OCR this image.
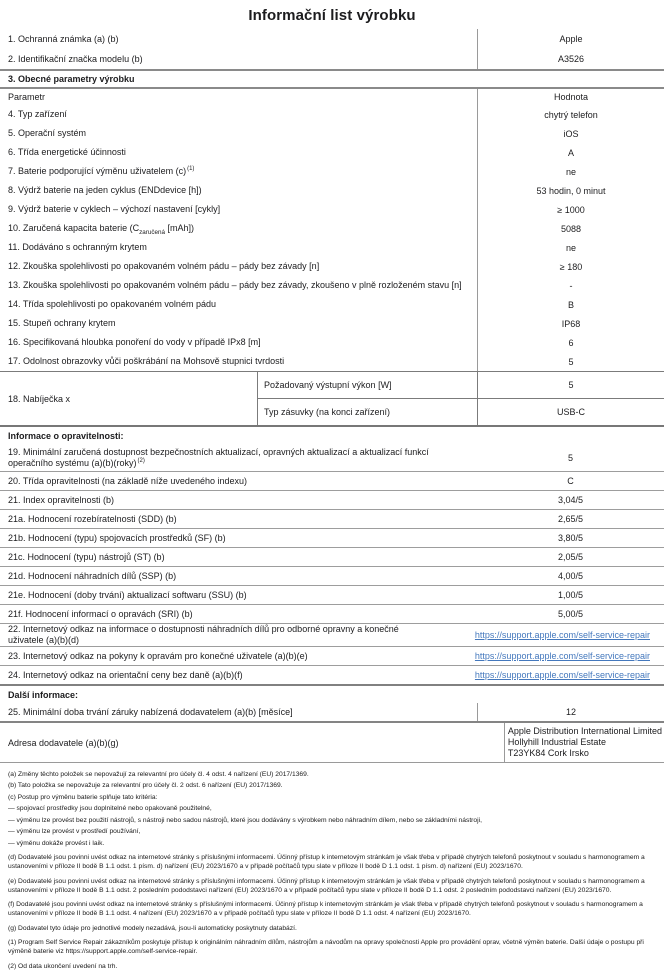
Informační list výrobku
1. Ochranná známka (a) (b)	Apple
2. Identifikační značka modelu (b)	A3526
3. Obecné parametry výrobku
Parametr	Hodnota
4. Typ zařízení	chytrý telefon
5. Operační systém	iOS
6. Třída energetické účinnosti	A
7. Baterie podporující výměnu uživatelem $(c)^{(1)}$	ne
8. Výdrž baterie na jeden cyklus (ENDdevice [h])	53 hodin, 0 minut
9. Výdrž baterie v cyklech – výchozí nastavení [cykly]	≥ 1000
10. Zaručená kapacita baterie ($C_{zaručená}$ [mAh])	5088
11. Dodáváno s ochranným krytem	ne
12. Zkouška spolehlivosti po opakovaném volném pádu – pády bez závady [n]	≥ 180
13. Zkouška spolehlivosti po opakovaném volném pádu – pády bez závady, zkoušeno v plně rozloženém stavu [n]	-
14. Třída spolehlivosti po opakovaném volném pádu	B
15. Stupeň ochrany krytem	IP68
16. Specifikovaná hloubka ponoření do vody v případě IPx8 [m]	6
17. Odolnost obrazovky vůči poškrábání na Mohsově stupnici tvrdosti	5
18. Nabíječka x
Požadovaný výstupní výkon [W]	5
Typ zásuvky (na konci zařízení)	USB-C
Informace o opravitelnosti:
19. Minimální zaručená dostupnost bezpečnostních aktualizací, opravných aktualizací a aktualizací funkcí operačního systému (a)(b)(roky)$^{(2)}$	5
20. Třída opravitelnosti (na základě níže uvedeného indexu)	C
21. Index opravitelnosti (b)	3,04/5
21a. Hodnocení rozebíratelnosti (SDD) (b)	2,65/5
21b. Hodnocení (typu) spojovacích prostředků (SF) (b)	3,80/5
21c. Hodnocení (typu) nástrojů (ST) (b)	2,05/5
21d. Hodnocení náhradních dílů (SSP) (b)	4,00/5
21e. Hodnocení (doby trvání) aktualizací softwaru (SSU) (b)	1,00/5
21f. Hodnocení informací o opravách (SRI) (b)	5,00/5
22. Internetový odkaz na informace o dostupnosti náhradních dílů pro odborné opravny a konečné uživatele (a)(b)(d)	https://support.apple.com/self-service-repair
23. Internetový odkaz na pokyny k opravám pro konečné uživatele (a)(b)(e)	https://support.apple.com/self-service-repair
24. Internetový odkaz na orientační ceny bez daně (a)(b)(f)	https://support.apple.com/self-service-repair
Další informace:
25. Minimální doba trvání záruky nabízená dodavatelem (a)(b) [měsíce]	12
Adresa dodavatele (a)(b)(g)
Apple Distribution International Limited
Hollyhill Industrial Estate
T23YK84 Cork Irsko
(a) Změny těchto položek se nepovažují za relevantní pro účely čl. 4 odst. 4 nařízení (EU) 2017/1369.
(b) Tato položka se nepovažuje za relevantní pro účely čl. 2 odst. 6 nařízení (EU) 2017/1369.
(c) Postup pro výměnu baterie splňuje tato kritéria:
— spojovací prostředky jsou doplnitelné nebo opakovaně použitelné,
— výměnu lze provést bez použití nástrojů, s nástroji nebo sadou nástrojů, které jsou dodávány s výrobkem nebo náhradním dílem, nebo se základními nástroji,
— výměnu lze provést v prostředí používání,
— výměnu dokáže provést i laik.
(d) Dodavatelé jsou povinni uvést odkaz na internetové stránky s příslušnými informacemi. Účinný přístup k internetovým stránkám je však třeba v případě chytrých telefonů poskytnout v souladu s harmonogramem a ustanoveními v příloze II bodě B 1.1 odst. 1 písm. d) nařízení (EU) 2023/1670 a v případě počítačů typu slate v příloze II bodě D 1.1 odst. 1 písm. d) nařízení (EU) 2023/1670.
(e) Dodavatelé jsou povinni uvést odkaz na internetové stránky s příslušnými informacemi. Účinný přístup k internetovým stránkám je však třeba v případě chytrých telefonů poskytnout v souladu s harmonogramem a ustanoveními v příloze II bodě B 1.1 odst. 2 posledním pododstavci nařízení (EU) 2023/1670 a v případě počítačů typu slate v příloze II bodě D 1.1 odst. 2 posledním pododstavci nařízení (EU) 2023/1670.
(f) Dodavatelé jsou povinni uvést odkaz na internetové stránky s příslušnými informacemi. Účinný přístup k internetovým stránkám je však třeba v případě chytrých telefonů poskytnout v souladu s harmonogramem a ustanoveními v příloze II bodě B 1.1 odst. 4 nařízení (EU) 2023/1670 a v případě počítačů typu slate v příloze II bodě D 1.1 odst. 4 nařízení (EU) 2023/1670.
(g) Dodavatel tyto údaje pro jednotlivé modely nezadává, jsou-li automaticky poskytnuty databází.
(1) Program Self Service Repair zákazníkům poskytuje přístup k originálním náhradním dílům, nástrojům a návodům na opravy společnosti Apple pro provádění oprav, včetně výměn baterie. Další údaje o postupu při výměně baterie viz https://support.apple.com/self-service-repair.
(2) Od data ukončení uvedení na trh.
